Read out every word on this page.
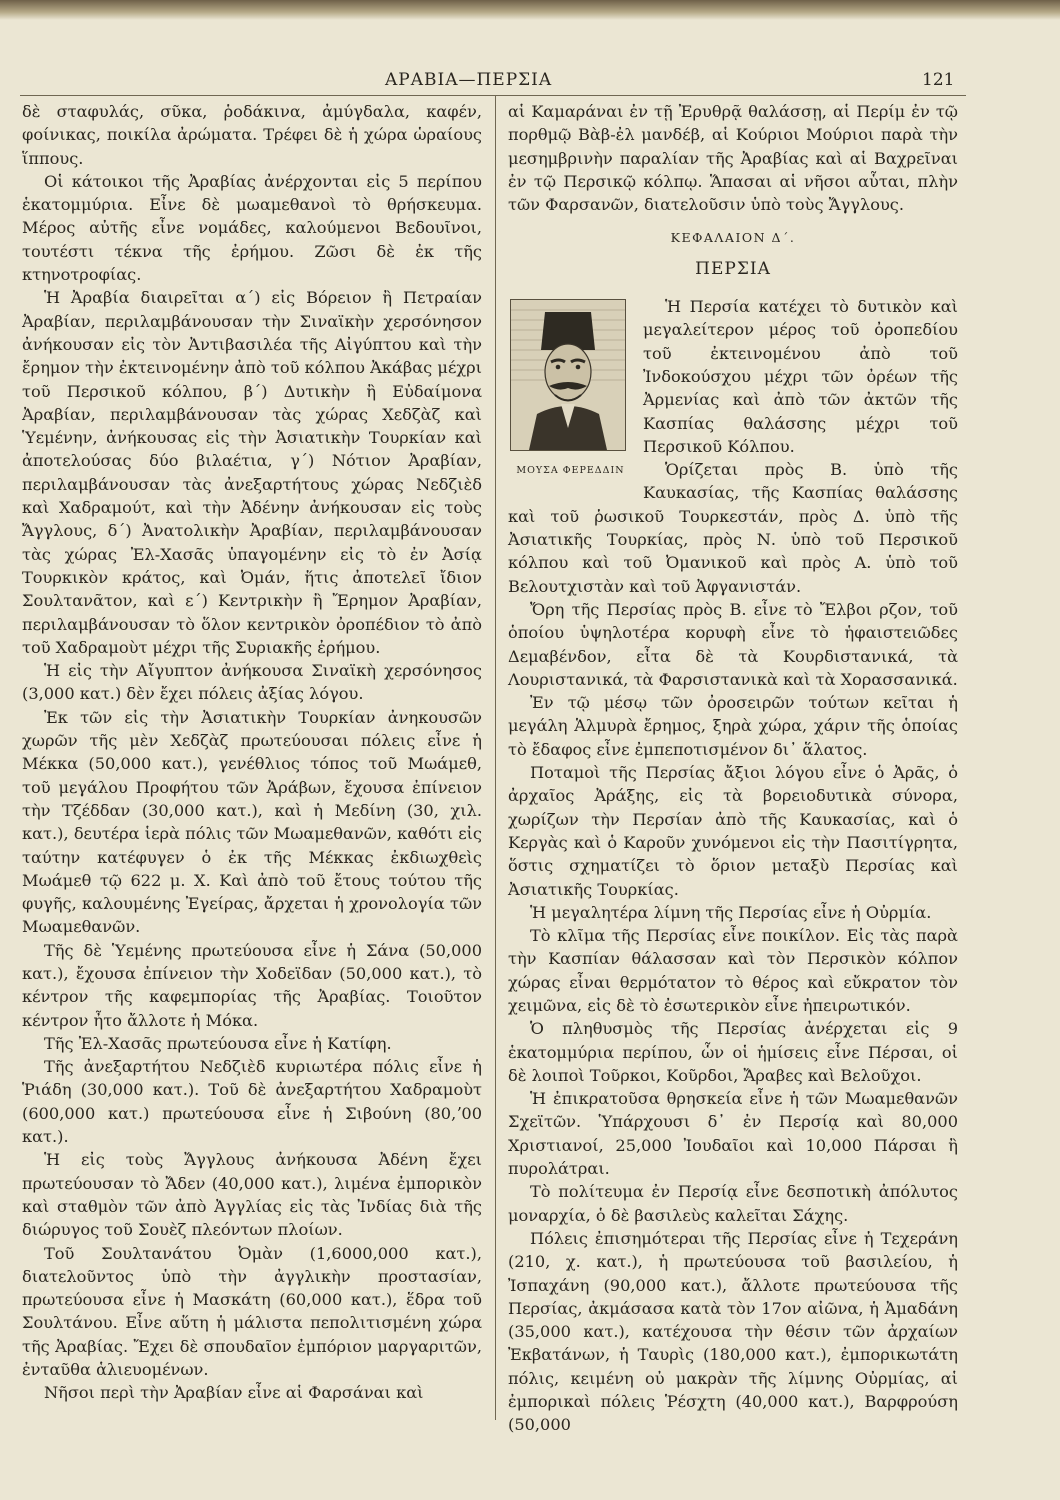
ΑΡΑΒΙΑ—ΠΕΡΣΙΑ	121

δὲ σταφυλάς, σῦκα, ῥοδάκινα, ἀμύγδαλα, καφέν, φοίνικας, ποικίλα ἀρώματα. Τρέφει δὲ ἡ χώρα ὡραίους ἵππους.

Οἱ κάτοικοι τῆς Ἀραβίας ἀνέρχονται εἰς 5 περίπου ἑκατομμύρια. Εἶνε δὲ μωαμεθανοὶ τὸ θρήσκευμα. Μέρος αὐτῆς εἶνε νομάδες, καλούμενοι Βεδουῖνοι, τουτέστι τέκνα τῆς ἐρήμου. Ζῶσι δὲ ἐκ τῆς κτηνοτροφίας.

Ἡ Ἀραβία διαιρεῖται α΄) εἰς Βόρειον ἢ Πετραίαν Ἀραβίαν, περιλαμβάνουσαν τὴν Σιναϊκὴν χερσόνησον ἀνήκουσαν εἰς τὸν Ἀντιβασιλέα τῆς Αἰγύπτου καὶ τὴν ἔρημον τὴν ἐκτεινομένην ἀπὸ τοῦ κόλπου Ἀκάβας μέχρι τοῦ Περσικοῦ κόλπου, β΄) Δυτικὴν ἢ Εὐδαίμονα Ἀραβίαν, περιλαμβάνουσαν τὰς χώρας Χεδζὰζ καὶ Ὑεμένην, ἀνήκουσας εἰς τὴν Ἀσιατικὴν Τουρκίαν καὶ ἀποτελούσας δύο βιλαέτια, γ΄) Νότιον Ἀραβίαν, περιλαμβάνουσαν τὰς ἀνεξαρτήτους χώρας Νεδζιὲδ καὶ Χαδραμούτ, καὶ τὴν Ἀδένην ἀνήκουσαν εἰς τοὺς Ἄγγλους, δ΄) Ἀνατολικὴν Ἀραβίαν, περιλαμβάνουσαν τὰς χώρας Ἐλ-Χασᾶς ὑπαγομένην εἰς τὸ ἐν Ἀσίᾳ Τουρκικὸν κράτος, καὶ Ὀμάν, ἥτις ἀποτελεῖ ἴδιον Σουλτανᾶτον, καὶ ε΄) Κεντρικὴν ἢ Ἔρημον Ἀραβίαν, περιλαμβάνουσαν τὸ ὅλον κεντρικὸν ὀροπέδιον τὸ ἀπὸ τοῦ Χαδραμοὺτ μέχρι τῆς Συριακῆς ἐρήμου.

Ἡ εἰς τὴν Αἴγυπτον ἀνήκουσα Σιναϊκὴ χερσόνησος (3,000 κατ.) δὲν ἔχει πόλεις ἀξίας λόγου.

Ἐκ τῶν εἰς τὴν Ἀσιατικὴν Τουρκίαν ἀνηκουσῶν χωρῶν τῆς μὲν Χεδζὰζ πρωτεύουσαι πόλεις εἶνε ἡ Μέκκα (50,000 κατ.), γενέθλιος τόπος τοῦ Μωάμεθ, τοῦ μεγάλου Προφήτου τῶν Ἀράβων, ἔχουσα ἐπίνειον τὴν Τζέδδαν (30,000 κατ.), καὶ ἡ Μεδίνη (30, χιλ. κατ.), δευτέρα ἱερὰ πόλις τῶν Μωαμεθανῶν, καθότι εἰς ταύτην κατέφυγεν ὁ ἐκ τῆς Μέκκας ἐκδιωχθεὶς Μωάμεθ τῷ 622 μ. Χ. Καὶ ἀπὸ τοῦ ἔτους τούτου τῆς φυγῆς, καλουμένης Ἐγείρας, ἄρχεται ἡ χρονολογία τῶν Μωαμεθανῶν.

Τῆς δὲ Ὑεμένης πρωτεύουσα εἶνε ἡ Σάνα (50,000 κατ.), ἔχουσα ἐπίνειον τὴν Χοδεϊδαν (50,000 κατ.), τὸ κέντρον τῆς καφεμπορίας τῆς Ἀραβίας. Τοιοῦτον κέντρον ἦτο ἄλλοτε ἡ Μόκα.

Τῆς Ἐλ-Χασᾶς πρωτεύουσα εἶνε ἡ Κατίφη.

Τῆς ἀνεξαρτήτου Νεδζιὲδ κυριωτέρα πόλις εἶνε ἡ Ῥιάδη (30,000 κατ.). Τοῦ δὲ ἀνεξαρτήτου Χαδραμοὺτ (600,000 κατ.) πρωτεύουσα εἶνε ἡ Σιβούνη (80,ʼ00 κατ.).

Ἡ εἰς τοὺς Ἄγγλους ἀνήκουσα Ἀδένη ἔχει πρωτεύουσαν τὸ Ἄδεν (40,000 κατ.), λιμένα ἐμπορικὸν καὶ σταθμὸν τῶν ἀπὸ Ἀγγλίας εἰς τὰς Ἰνδίας διὰ τῆς διώρυγος τοῦ Σουὲζ πλεόντων πλοίων.

Τοῦ Σουλτανάτου Ὀμὰν (1,6000,000 κατ.), διατελοῦντος ὑπὸ τὴν ἀγγλικὴν προστασίαν, πρωτεύουσα εἶνε ἡ Μασκάτη (60,000 κατ.), ἕδρα τοῦ Σουλτάνου. Εἶνε αὕτη ἡ μάλιστα πεπολιτισμένη χώρα τῆς Ἀραβίας. Ἔχει δὲ σπουδαῖον ἐμπόριον μαργαριτῶν, ἐνταῦθα ἁλιευομένων.

Νῆσοι περὶ τὴν Ἀραβίαν εἶνε αἱ Φαρσάναι καὶ

αἱ Καμαράναι ἐν τῇ Ἐρυθρᾷ θαλάσσῃ, αἱ Περίμ ἐν τῷ πορθμῷ Βὰβ-ἐλ μανδέβ, αἱ Κούριοι Μούριοι παρὰ τὴν μεσημβρινὴν παραλίαν τῆς Ἀραβίας καὶ αἱ Βαχρεῖναι ἐν τῷ Περσικῷ κόλπῳ. Ἅπασαι αἱ νῆσοι αὗται, πλὴν τῶν Φαρσανῶν, διατελοῦσιν ὑπὸ τοὺς Ἄγγλους.

ΚΕΦΑΛΑΙΟΝ Δ΄.
ΠΕΡΣΙΑ
ΜΟΥΣΑ ΦΕΡΕΔΔΙΝ

Ἡ Περσία κατέχει τὸ δυτικὸν καὶ μεγαλείτερον μέρος τοῦ ὀροπεδίου τοῦ ἐκτεινομένου ἀπὸ τοῦ Ἰνδοκούσχου μέχρι τῶν ὀρέων τῆς Ἀρμενίας καὶ ἀπὸ τῶν ἀκτῶν τῆς Κασπίας θαλάσσης μέχρι τοῦ Περσικοῦ Κόλπου.

Ὁρίζεται πρὸς Β. ὑπὸ τῆς Καυκασίας, τῆς Κασπίας θαλάσσης καὶ τοῦ ῥωσικοῦ Τουρκεστάν, πρὸς Δ. ὑπὸ τῆς Ἀσιατικῆς Τουρκίας, πρὸς Ν. ὑπὸ τοῦ Περσικοῦ κόλπου καὶ τοῦ Ὀμανικοῦ καὶ πρὸς Α. ὑπὸ τοῦ Βελουτχιστὰν καὶ τοῦ Ἀφγανιστάν.

Ὄρη τῆς Περσίας πρὸς Β. εἶνε τὸ Ἔλβοι ρζον, τοῦ ὁποίου ὑψηλοτέρα κορυφὴ εἶνε τὸ ἡφαιστειῶδες Δεμαβένδον, εἶτα δὲ τὰ Κουρδιστανικά, τὰ Λουριστανικά, τὰ Φαρσιστανικὰ καὶ τὰ Χορασσανικά.

Ἐν τῷ μέσῳ τῶν ὀροσειρῶν τούτων κεῖται ἡ μεγάλη Ἁλμυρὰ ἔρημος, ξηρὰ χώρα, χάριν τῆς ὁποίας τὸ ἔδαφος εἶνε ἐμπεποτισμένον δι᾽ ἅλατος.

Ποταμοὶ τῆς Περσίας ἄξιοι λόγου εἶνε ὁ Ἀρᾶς, ὁ ἀρχαῖος Ἀράξης, εἰς τὰ βορειοδυτικὰ σύνορα, χωρίζων τὴν Περσίαν ἀπὸ τῆς Καυκασίας, καὶ ὁ Κεργὰς καὶ ὁ Καροῦν χυνόμενοι εἰς τὴν Πασιτίγρητα, ὅστις σχηματίζει τὸ ὅριον μεταξὺ Περσίας καὶ Ἀσιατικῆς Τουρκίας.

Ἡ μεγαλητέρα λίμνη τῆς Περσίας εἶνε ἡ Οὐρμία.

Τὸ κλῖμα τῆς Περσίας εἶνε ποικίλον. Εἰς τὰς παρὰ τὴν Κασπίαν θάλασσαν καὶ τὸν Περσικὸν κόλπον χώρας εἶναι θερμότατον τὸ θέρος καὶ εὔκρατον τὸν χειμῶνα, εἰς δὲ τὸ ἐσωτερικὸν εἶνε ἠπειρωτικόν.

Ὁ πληθυσμὸς τῆς Περσίας ἀνέρχεται εἰς 9 ἑκατομμύρια περίπου, ὧν οἱ ἡμίσεις εἶνε Πέρσαι, οἱ δὲ λοιποὶ Τοῦρκοι, Κοῦρδοι, Ἄραβες καὶ Βελοῦχοι.

Ἡ ἐπικρατοῦσα θρησκεία εἶνε ἡ τῶν Μωαμεθανῶν Σχεϊτῶν. Ὑπάρχουσι δ᾽ ἐν Περσίᾳ καὶ 80,000 Χριστιανοί, 25,000 Ἰουδαῖοι καὶ 10,000 Πάρσαι ἢ πυρολάτραι.

Τὸ πολίτευμα ἐν Περσίᾳ εἶνε δεσποτικὴ ἀπόλυτος μοναρχία, ὁ δὲ βασιλεὺς καλεῖται Σάχης.

Πόλεις ἐπισημότεραι τῆς Περσίας εἶνε ἡ Τεχεράνη (210, χ. κατ.), ἡ πρωτεύουσα τοῦ βασιλείου, ἡ Ἰσπαχάνη (90,000 κατ.), ἄλλοτε πρωτεύουσα τῆς Περσίας, ἀκμάσασα κατὰ τὸν 17ον αἰῶνα, ἡ Ἀμαδάνη (35,000 κατ.), κατέχουσα τὴν θέσιν τῶν ἀρχαίων Ἐκβατάνων, ἡ Ταυρὶς (180,000 κατ.), ἐμπορικωτάτη πόλις, κειμένη οὐ μακρὰν τῆς λίμνης Οὐρμίας, αἱ ἐμπορικαὶ πόλεις Ῥέσχτη (40,000 κατ.), Βαρφρούση (50,000
